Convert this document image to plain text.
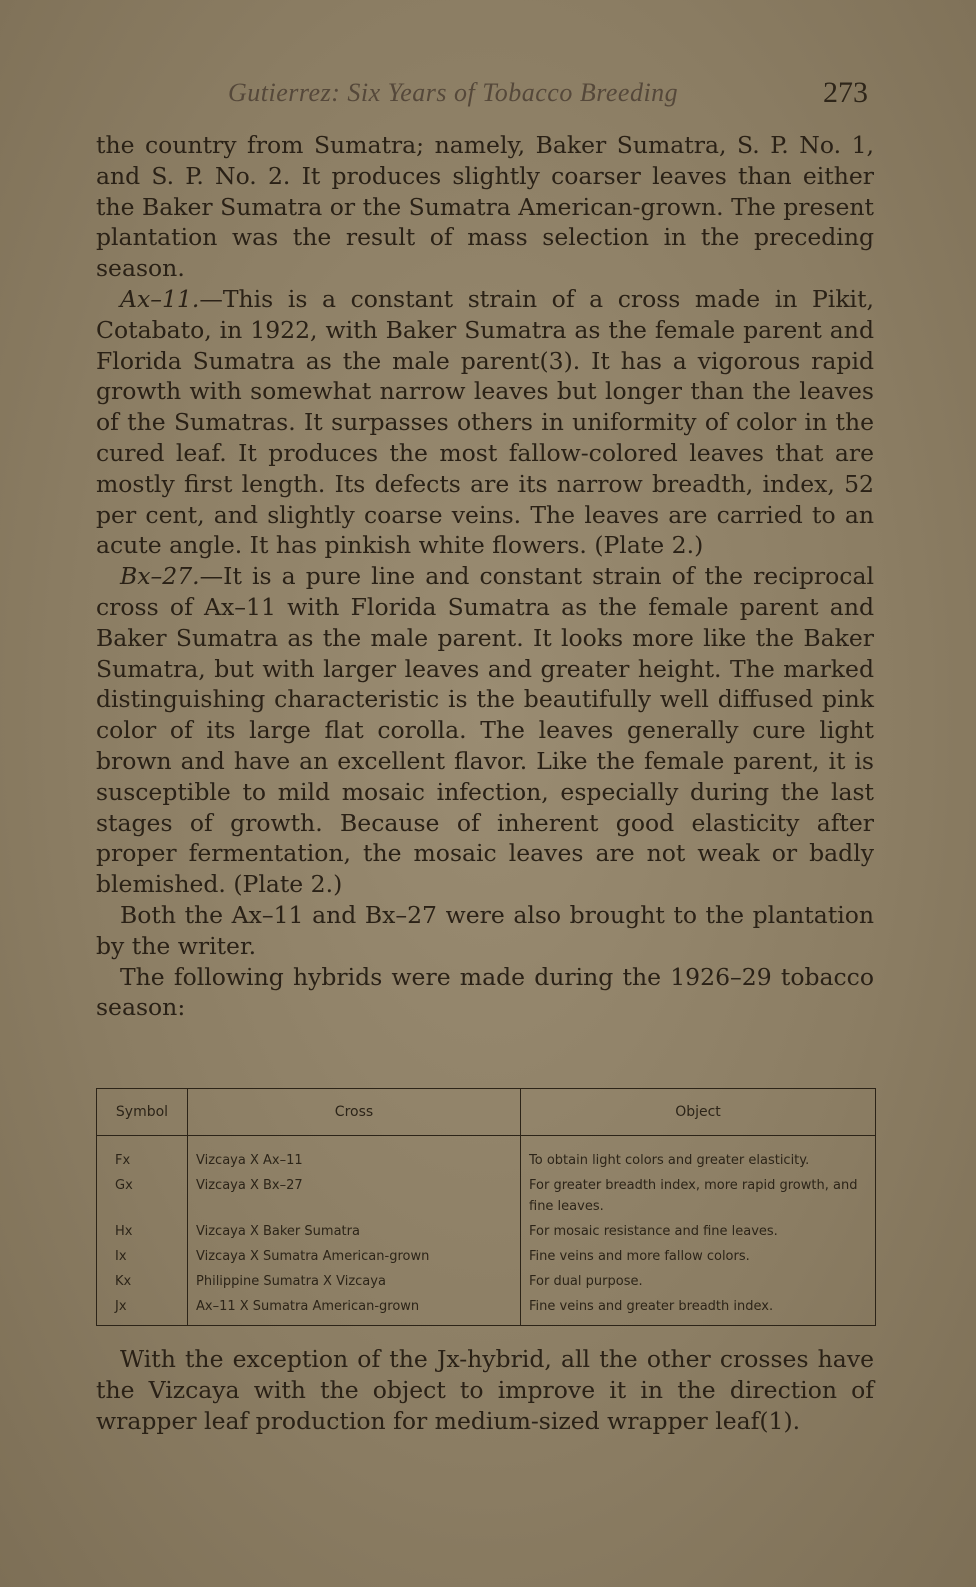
Gutierrez: Six Years of Tobacco Breeding	273

the country from Sumatra; namely, Baker Sumatra, S. P. No. 1, and S. P. No. 2. It produces slightly coarser leaves than either the Baker Sumatra or the Sumatra American-grown. The present plantation was the result of mass selection in the preceding season.

Ax–11.—This is a constant strain of a cross made in Pikit, Cotabato, in 1922, with Baker Sumatra as the female parent and Florida Sumatra as the male parent(3). It has a vigorous rapid growth with somewhat narrow leaves but longer than the leaves of the Sumatras. It surpasses others in uniformity of color in the cured leaf. It produces the most fallow-colored leaves that are mostly first length. Its defects are its narrow breadth, index, 52 per cent, and slightly coarse veins. The leaves are carried to an acute angle. It has pinkish white flowers. (Plate 2.)

Bx–27.—It is a pure line and constant strain of the reciprocal cross of Ax–11 with Florida Sumatra as the female parent and Baker Sumatra as the male parent. It looks more like the Baker Sumatra, but with larger leaves and greater height. The marked distinguishing characteristic is the beautifully well diffused pink color of its large flat corolla. The leaves generally cure light brown and have an excellent flavor. Like the female parent, it is susceptible to mild mosaic infection, especially during the last stages of growth. Because of inherent good elasticity after proper fermentation, the mosaic leaves are not weak or badly blemished. (Plate 2.)

Both the Ax–11 and Bx–27 were also brought to the plantation by the writer.

The following hybrids were made during the 1926–29 tobacco season:

Symbol	Cross	Object
Fx	Vizcaya X Ax–11	To obtain light colors and greater elasticity.
Gx	Vizcaya X Bx–27	For greater breadth index, more rapid growth, and fine leaves.
Hx	Vizcaya X Baker Sumatra	For mosaic resistance and fine leaves.
Ix	Vizcaya X Sumatra American-grown	Fine veins and more fallow colors.
Kx	Philippine Sumatra X Vizcaya	For dual purpose.
Jx	Ax–11 X Sumatra American-grown	Fine veins and greater breadth index.

With the exception of the Jx-hybrid, all the other crosses have the Vizcaya with the object to improve it in the direction of wrapper leaf production for medium-sized wrapper leaf(1).
